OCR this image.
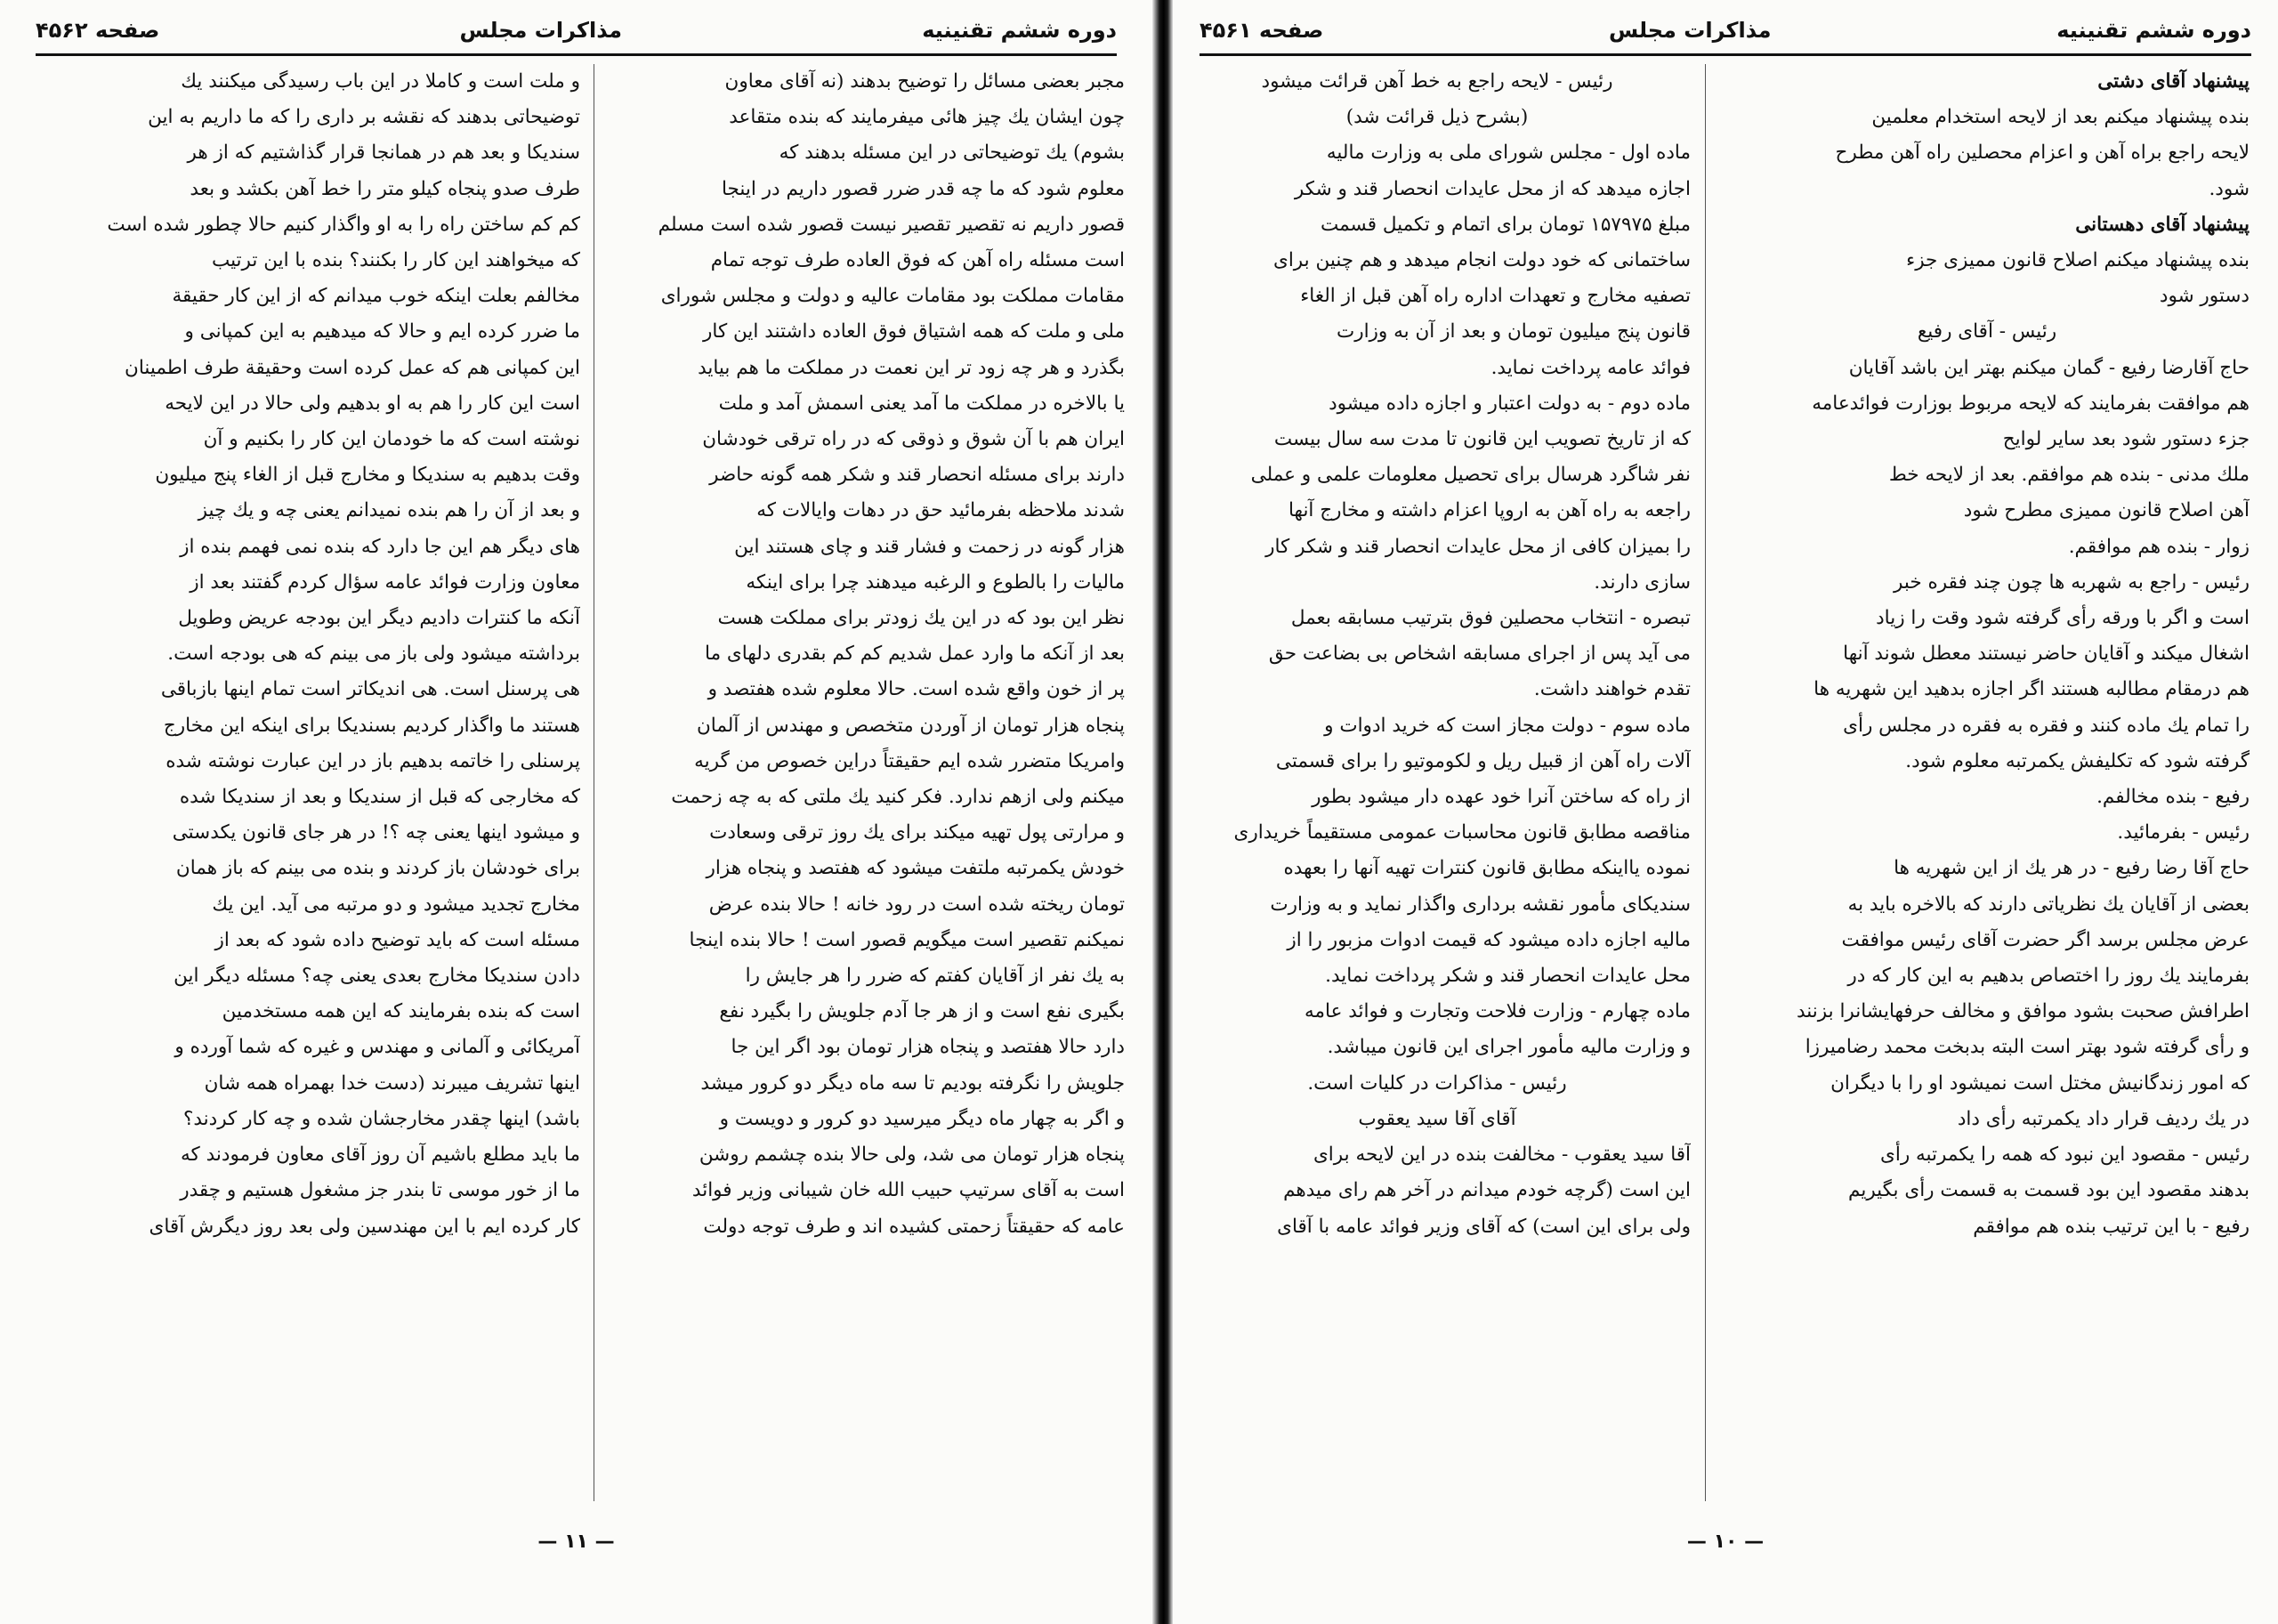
دوره ششم تقنینیه
مذاکرات مجلس
صفحه ۴۵۶۲

مجبر بعضی مسائل را توضیح بدهند (نه آقای معاون

چون ایشان یك چیز هائی میفرمایند که بنده متقاعد

بشوم) یك توضیحاتی در این مسئله بدهند که

معلوم شود که ما چه قدر ضرر قصور داریم در اینجا

قصور داریم نه تقصیر تقصیر نیست قصور شده است مسلم

است مسئله راه آهن که فوق العاده طرف توجه تمام

مقامات مملکت بود مقامات عالیه و دولت و مجلس شورای

ملی و ملت که همه اشتیاق فوق العاده داشتند این کار

بگذرد و هر چه زود تر این نعمت در مملکت ما هم بیاید

یا بالاخره در مملکت ما آمد یعنی اسمش آمد و ملت

ایران هم با آن شوق و ذوقی که در راه ترقی خودشان

دارند برای مسئله انحصار قند و شکر همه گونه حاضر

شدند ملاحظه بفرمائید حق در دهات وایالات که

هزار گونه در زحمت و فشار قند و چای هستند این

مالیات را بالطوع و الرغبه میدهند چرا برای اینکه

نظر این بود که در این یك زودتر برای مملکت هست

بعد از آنکه ما وارد عمل شدیم کم کم بقدری دلهای ما

پر از خون واقع شده است. حالا معلوم شده هفتصد و

پنجاه هزار تومان از آوردن متخصص و مهندس از آلمان

وامریکا متضرر شده ایم حقیقتاً دراین خصوص من گریه

میکنم ولی ازهم ندارد. فکر کنید یك ملتی که به چه زحمت

و مرارتی پول تهیه میکند برای یك روز ترقی وسعادت

خودش یکمرتبه ملتفت میشود که هفتصد و پنجاه هزار

تومان ریخته شده است در رود خانه ! حالا بنده عرض

نمیکنم تقصیر است میگویم قصور است ! حالا بنده اینجا

به یك نفر از آقایان کفتم که ضرر را هر جایش را

بگیری نفع است و از هر جا آدم جلویش را بگیرد نفع

دارد حالا هفتصد و پنجاه هزار تومان بود اگر این جا

جلویش را نگرفته بودیم تا سه ماه دیگر دو کرور میشد

و اگر به چهار ماه دیگر میرسید دو کرور و دویست و

پنجاه هزار تومان می شد، ولی حالا بنده چشمم روشن

است به آقای سرتیپ حبیب الله خان شیبانی وزیر فوائد

عامه که حقیقتاً زحمتی کشیده اند و طرف توجه دولت

و ملت است و کاملا در این باب رسیدگی میکنند یك

توضیحاتی بدهند که نقشه بر داری را که ما داریم به این

سندیکا و بعد هم در همانجا قرار گذاشتیم که از هر

طرف صدو پنجاه کیلو متر را خط آهن بکشد و بعد

کم کم ساختن راه را به او واگذار کنیم حالا چطور شده است

که میخواهند این کار را بکنند؟ بنده با این ترتیب

مخالفم بعلت اینکه خوب میدانم که از این کار حقیقة

ما ضرر کرده ایم و حالا که میدهیم به این کمپانی و

این کمپانی هم که عمل کرده است وحقیقة طرف اطمینان

است این کار را هم به او بدهیم ولی حالا در این لایحه

نوشته است که ما خودمان این کار را بکنیم و آن

وقت بدهیم به سندیکا و مخارج قبل از الغاء پنج میلیون

و بعد از آن را هم بنده نمیدانم یعنی چه و یك چیز

های دیگر هم این جا دارد که بنده نمی فهمم بنده از

معاون وزارت فوائد عامه سؤال کردم گفتند بعد از

آنکه ما کنترات دادیم دیگر این بودجه عریض وطویل

برداشته میشود ولی باز می بینم که هی بودجه است.

هی پرسنل است. هی اندیکاتر است تمام اینها بازباقی

هستند ما واگذار کردیم بسندیکا برای اینکه این مخارج

پرسنلی را خاتمه بدهیم باز در این عبارت نوشته شده

که مخارجی که قبل از سندیکا و بعد از سندیکا شده

و میشود اینها یعنی چه ؟! در هر جای قانون یکدستی

برای خودشان باز کردند و بنده می بینم که باز همان

مخارج تجدید میشود و دو مرتبه می آید. این یك

مسئله است که باید توضیح داده شود که بعد از

دادن سندیکا مخارج بعدی یعنی چه؟ مسئله دیگر این

است که بنده بفرمایند که این همه مستخدمین

آمریکائی و آلمانی و مهندس و غیره که شما آورده و

اینها تشریف میبرند (دست خدا بهمراه همه شان

باشد) اینها چقدر مخارجشان شده و چه کار کردند؟

ما باید مطلع باشیم آن روز آقای معاون فرمودند که

ما از خور موسی تا بندر جز مشغول هستیم و چقدر

کار کرده ایم با این مهندسین ولی بعد روز دیگرش آقای

— ۱۱ —
دوره ششم تقنینیه
مذاکرات مجلس
صفحه ۴۵۶۱

پیشنهاد آقای دشتی

بنده پیشنهاد میکنم بعد از لایحه استخدام معلمین

لایحه راجع براه آهن و اعزام محصلین راه آهن مطرح

شود.

پیشنهاد آقای دهستانی

بنده پیشنهاد میکنم اصلاح قانون ممیزی جزء

دستور شود

رئیس - آقای رفیع

حاج آقارضا رفیع - گمان میکنم بهتر این باشد آقایان

هم موافقت بفرمایند که لایحه مربوط بوزارت فوائدعامه

جزء دستور شود بعد سایر لوایح

ملك مدنی - بنده هم موافقم. بعد از لایحه خط

آهن اصلاح قانون ممیزی مطرح شود

زوار - بنده هم موافقم.

رئیس - راجع به شهربه ها چون چند فقره خبر

است و اگر با ورقه رأی گرفته شود وقت را زیاد

اشغال میکند و آقایان حاضر نیستند معطل شوند آنها

هم درمقام مطالبه هستند اگر اجازه بدهید این شهریه ها

را تمام یك ماده کنند و فقره به فقره در مجلس رأی

گرفته شود که تکلیفش یکمرتبه معلوم شود.

رفیع - بنده مخالفم.

رئیس - بفرمائید.

حاج آقا رضا رفیع - در هر یك از این شهریه ها

بعضی از آقایان یك نظریاتی دارند که بالاخره باید به

عرض مجلس برسد اگر حضرت آقای رئیس موافقت

بفرمایند یك روز را اختصاص بدهیم به این کار که در

اطرافش صحبت بشود موافق و مخالف حرفهایشانرا بزنند

و رأی گرفته شود بهتر است البته بدبخت محمد رضامیرزا

که امور زندگانیش مختل است نمیشود او را با دیگران

در یك ردیف قرار داد یکمرتبه رأی داد

رئیس - مقصود این نبود که همه را یکمرتبه رأی

بدهند مقصود این بود قسمت به قسمت رأی بگیریم

رفیع - با این ترتیب بنده هم موافقم

رئیس - لایحه راجع به خط آهن قرائت میشود

(بشرح ذیل قرائت شد)

ماده اول - مجلس شورای ملی به وزارت مالیه

اجازه میدهد که از محل عایدات انحصار قند و شکر

مبلغ ۱۵۷۹۷۵ تومان برای اتمام و تکمیل قسمت

ساختمانی که خود دولت انجام میدهد و هم چنین برای

تصفیه مخارج و تعهدات اداره راه آهن قبل از الغاء

قانون پنج میلیون تومان و بعد از آن به وزارت

فوائد عامه پرداخت نماید.

ماده دوم - به دولت اعتبار و اجازه داده میشود

که از تاریخ تصویب این قانون تا مدت سه سال بیست

نفر شاگرد هرسال برای تحصیل معلومات علمی و عملی

راجعه به راه آهن به اروپا اعزام داشته و مخارج آنها

را بمیزان کافی از محل عایدات انحصار قند و شکر کار

سازی دارند.

تبصره - انتخاب محصلین فوق بترتیب مسابقه بعمل

می آید پس از اجرای مسابقه اشخاص بی بضاعت حق

تقدم خواهند داشت.

ماده سوم - دولت مجاز است که خرید ادوات و

آلات راه آهن از قبیل ریل و لکوموتیو را برای قسمتی

از راه که ساختن آنرا خود عهده دار میشود بطور

مناقصه مطابق قانون محاسبات عمومی مستقیماً خریداری

نموده یااینکه مطابق قانون کنترات تهیه آنها را بعهده

سندیکای مأمور نقشه برداری واگذار نماید و به وزارت

مالیه اجازه داده میشود که قیمت ادوات مزبور را از

محل عایدات انحصار قند و شکر پرداخت نماید.

ماده چهارم - وزارت فلاحت وتجارت و فوائد عامه

و وزارت مالیه مأمور اجرای این قانون میباشد.

رئیس - مذاکرات در کلیات است.

آقای آقا سید یعقوب

آقا سید یعقوب - مخالفت بنده در این لایحه برای

این است (گرچه خودم میدانم در آخر هم رای میدهم

ولی برای این است) که آقای وزیر فوائد عامه با آقای

— ۱۰ —
